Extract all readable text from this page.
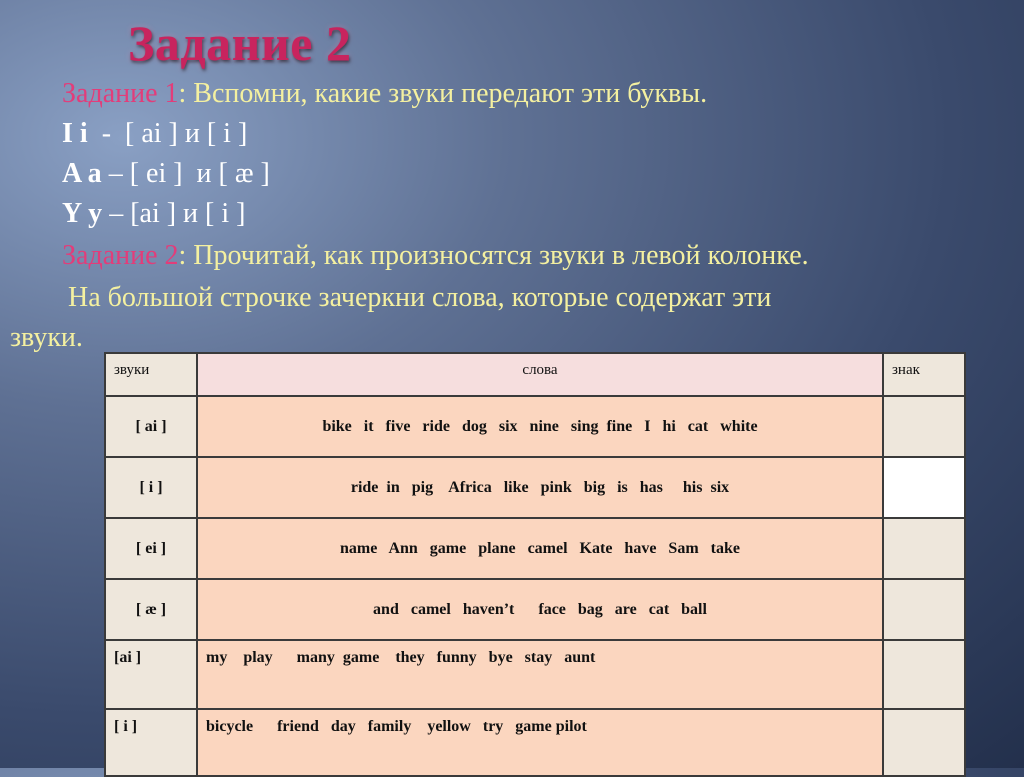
Задание 2
Задание 1: Вспомни, какие звуки передают эти буквы.
I i  -  [ ai ] и [ i ]
A a – [ ei ]  и [ æ ]
Y y – [ai ] и [ i ]
Задание 2: Прочитай, как произносятся звуки в левой колонке.
На большой строчке зачеркни слова, которые содержат эти
звуки.
звуки	слова	знак
[ ai ]	bike   it   five   ride   dog   six   nine   sing  fine   I   hi   cat   white	
[ i ]	ride  in   pig    Africa   like   pink   big   is   has     his  six	
[ ei ]	name   Ann   game   plane   camel   Kate   have   Sam   take	
[ æ ]	and   camel   haven’t      face   bag   are   cat   ball	
[ai ]	my    play      many  game    they   funny   bye   stay   aunt	
[ i ]	bicycle      friend   day   family    yellow   try   game pilot	
